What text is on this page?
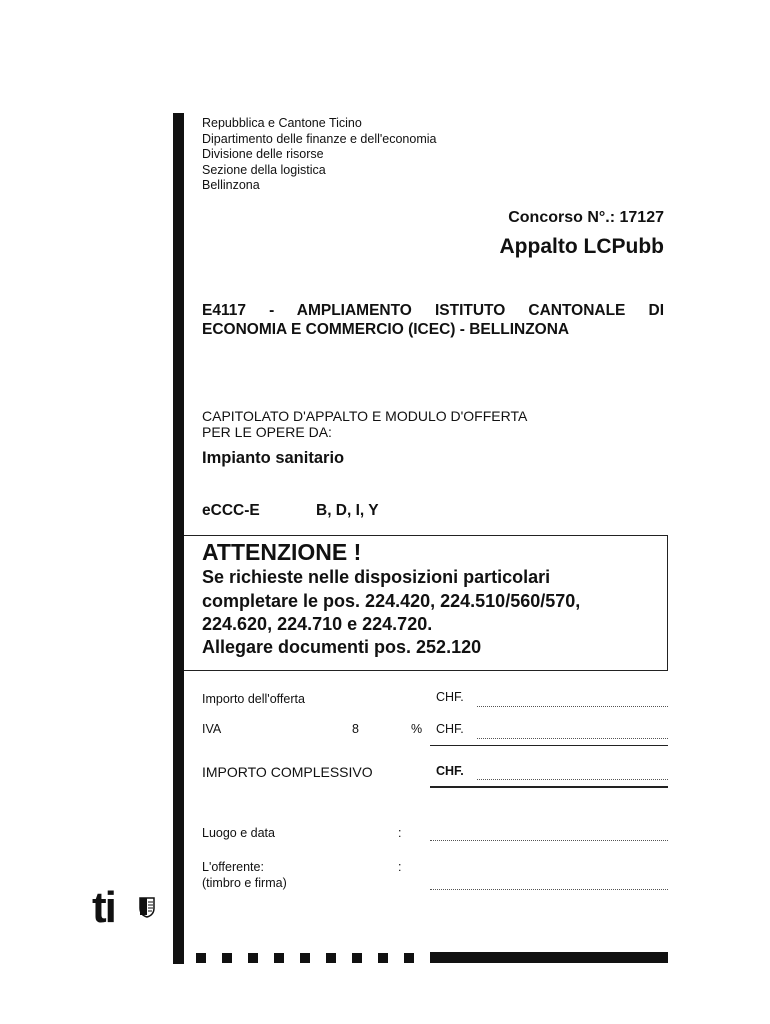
Repubblica e Cantone Ticino
Dipartimento delle finanze e dell'economia
Divisione delle risorse
Sezione della logistica
Bellinzona
Concorso N°.: 17127
Appalto LCPubb
E4117 - AMPLIAMENTO ISTITUTO CANTONALE DI
ECONOMIA E COMMERCIO (ICEC) - BELLINZONA
CAPITOLATO D'APPALTO E MODULO D'OFFERTA
PER LE OPERE DA:
Impianto sanitario
eCCC-E	B, D, I, Y
ATTENZIONE !
Se richieste nelle disposizioni particolari
completare le pos. 224.420, 224.510/560/570,
224.620, 224.710 e 224.720.
Allegare documenti pos. 252.120
Importo dell'offerta	CHF.
IVA	8	% CHF.
IMPORTO COMPLESSIVO	CHF.
Luogo e data	:
L'offerente:	:
(timbro e firma)
ti
